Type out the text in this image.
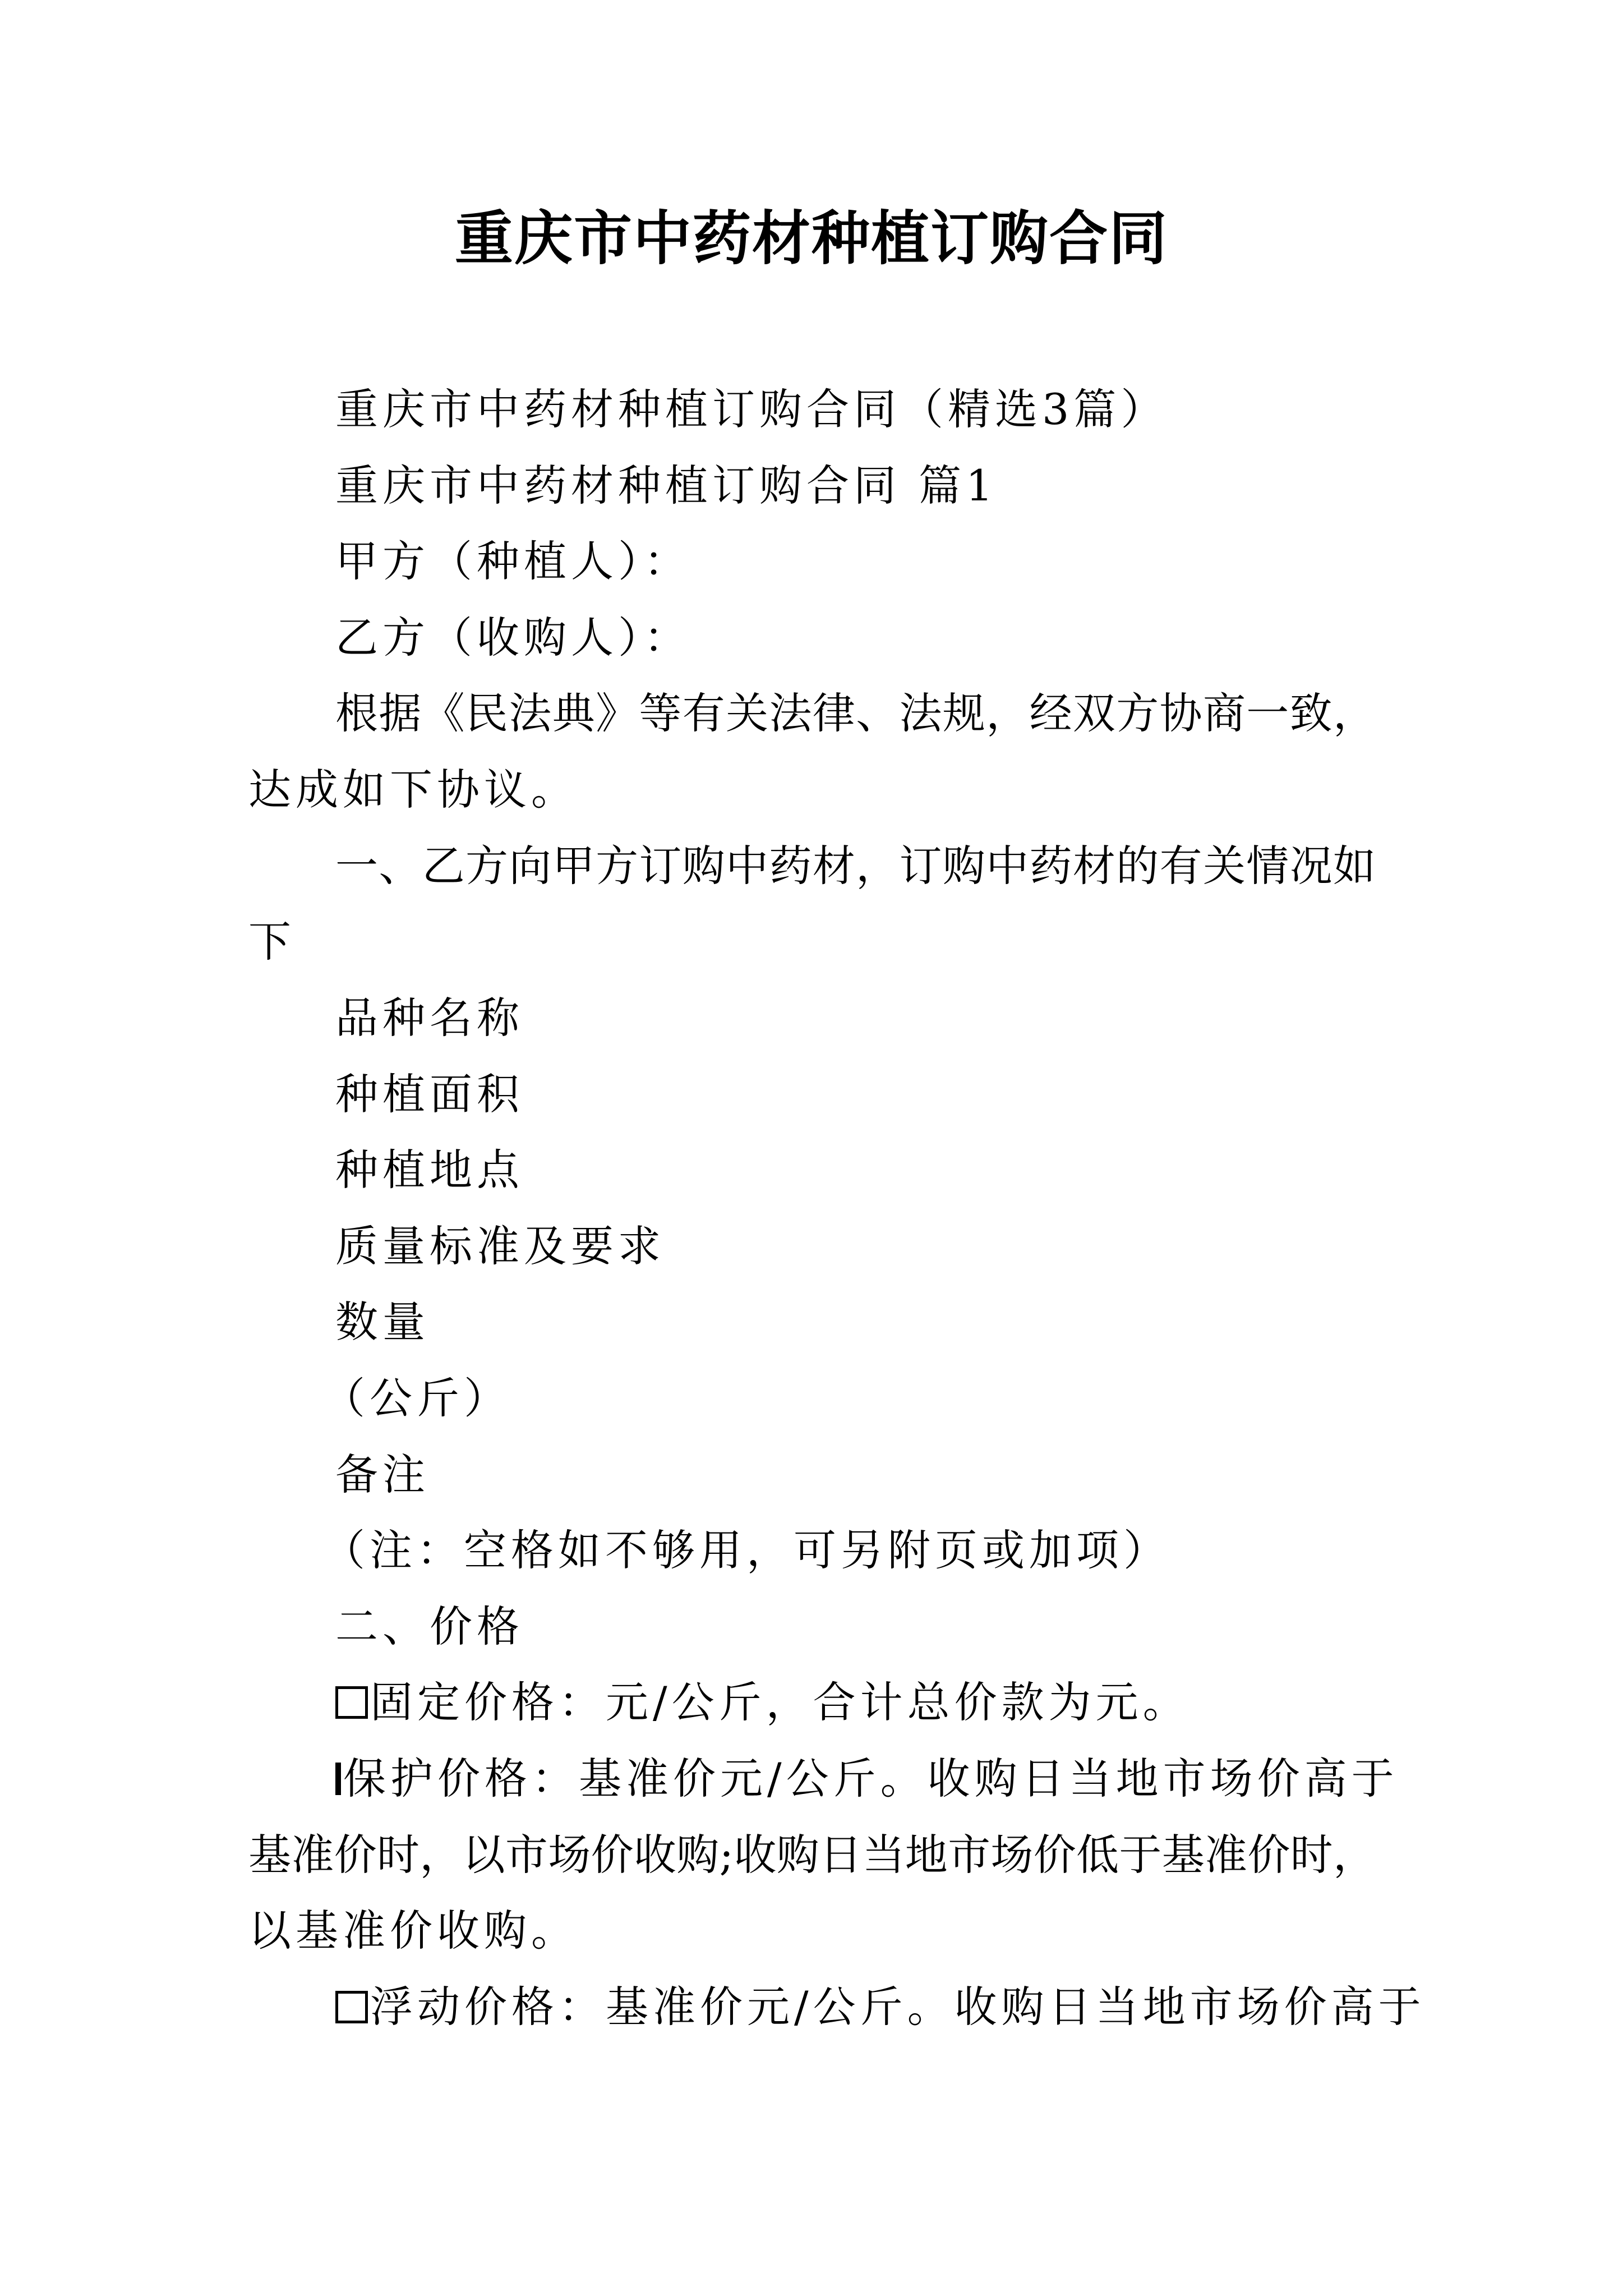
重庆市中药材种植订购合同
重庆市中药材种植订购合同（精选3篇）
重庆市中药材种植订购合同 篇1
甲方（种植人）：
乙方（收购人）：
根据《民法典》等有关法律、法规，经双方协商一致，
达成如下协议。
一、乙方向甲方订购中药材，订购中药材的有关情况如
下
品种名称
种植面积
种植地点
质量标准及要求
数量
（公斤）
备注
（注：空格如不够用，可另附页或加项）
二、价格
固定价格：元/公斤，合计总价款为元。
保护价格：基准价元/公斤。收购日当地市场价高于
基准价时，以市场价收购;收购日当地市场价低于基准价时，
以基准价收购。
浮动价格：基准价元/公斤。收购日当地市场价高于
